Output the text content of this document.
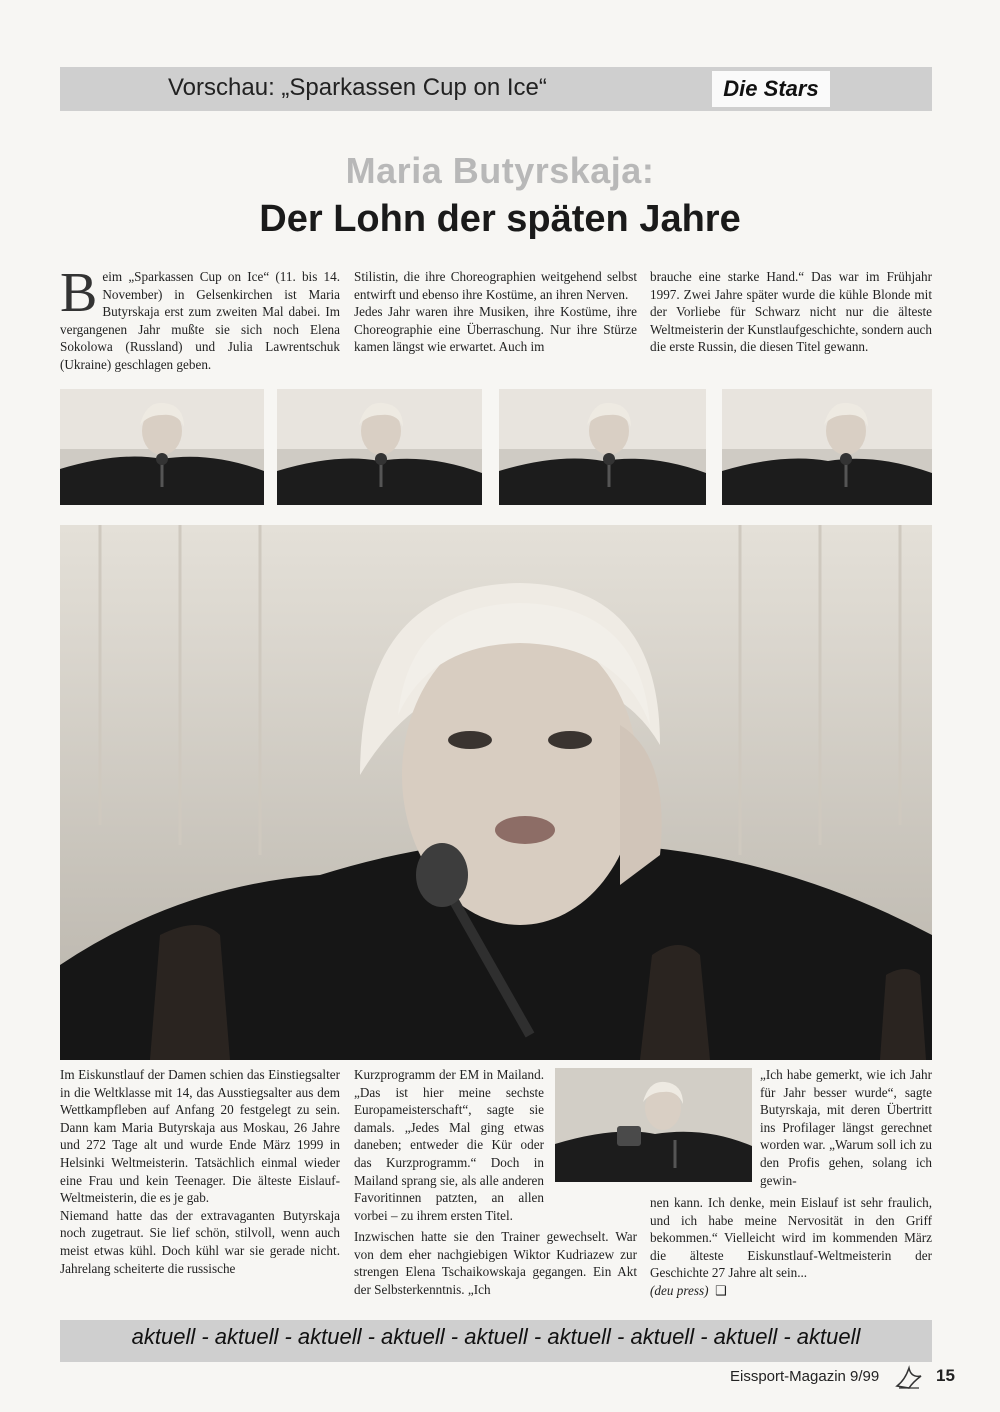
Vorschau: „Sparkassen Cup on Ice“	Die Stars
Maria Butyrskaja:
Der Lohn der späten Jahre
B eim „Sparkassen Cup on Ice“ (11. bis 14. November) in Gelsenkirchen ist Maria Butyrskaja erst zum zweiten Mal dabei. Im vergangenen Jahr mußte sie sich noch Elena Sokolowa (Russland) und Julia Lawrentschuk (Ukraine) geschlagen geben.

Stilistin, die ihre Choreographien weitgehend selbst entwirft und ebenso ihre Kostüme, an ihren Nerven.

Jedes Jahr waren ihre Musiken, ihre Kostüme, ihre Choreographie eine Überraschung. Nur ihre Stürze kamen längst wie erwartet. Auch im

brauche eine starke Hand.“ Das war im Frühjahr 1997. Zwei Jahre später wurde die kühle Blonde mit der Vorliebe für Schwarz nicht nur die älteste Weltmeisterin der Kunstlaufgeschichte, sondern auch die erste Russin, die diesen Titel gewann.

Im Eiskunstlauf der Damen schien das Einstiegsalter in die Weltklasse mit 14, das Ausstiegsalter aus dem Wettkampfleben auf Anfang 20 festgelegt zu sein. Dann kam Maria Butyrskaja aus Moskau, 26 Jahre und 272 Tage alt und wurde Ende März 1999 in Helsinki Weltmeisterin. Tatsächlich einmal wieder eine Frau und kein Teenager. Die älteste Eislauf-Weltmeisterin, die es je gab.

Niemand hatte das der extravaganten Butyrskaja noch zugetraut. Sie lief schön, stilvoll, wenn auch meist etwas kühl. Doch kühl war sie gerade nicht. Jahrelang scheiterte die russische

Kurzprogramm der EM in Mailand. „Das ist hier meine sechste Europameisterschaft“, sagte sie damals. „Jedes Mal ging etwas daneben; entweder die Kür oder das Kurzprogramm.“ Doch in Mailand sprang sie, als alle anderen Favoritinnen patzten, an allen vorbei – zu ihrem ersten Titel.

Inzwischen hatte sie den Trainer gewechselt. War von dem eher nachgiebigen Wiktor Kudriazew zur strengen Elena Tschaikowskaja gegangen. Ein Akt der Selbsterkenntnis. „Ich

„Ich habe gemerkt, wie ich Jahr für Jahr besser wurde“, sagte Butyrskaja, mit deren Übertritt ins Profilager längst gerechnet worden war. „Warum soll ich zu den Profis gehen, solang ich gewin-

nen kann. Ich denke, mein Eislauf ist sehr fraulich, und ich habe meine Nervosität in den Griff bekommen.“ Vielleicht wird im kommenden März die älteste Eiskunstlauf-Weltmeisterin der Geschichte 27 Jahre alt sein...
(deu press) ❑

aktuell - aktuell - aktuell - aktuell - aktuell - aktuell - aktuell - aktuell - aktuell
Eissport-Magazin 9/99	15
